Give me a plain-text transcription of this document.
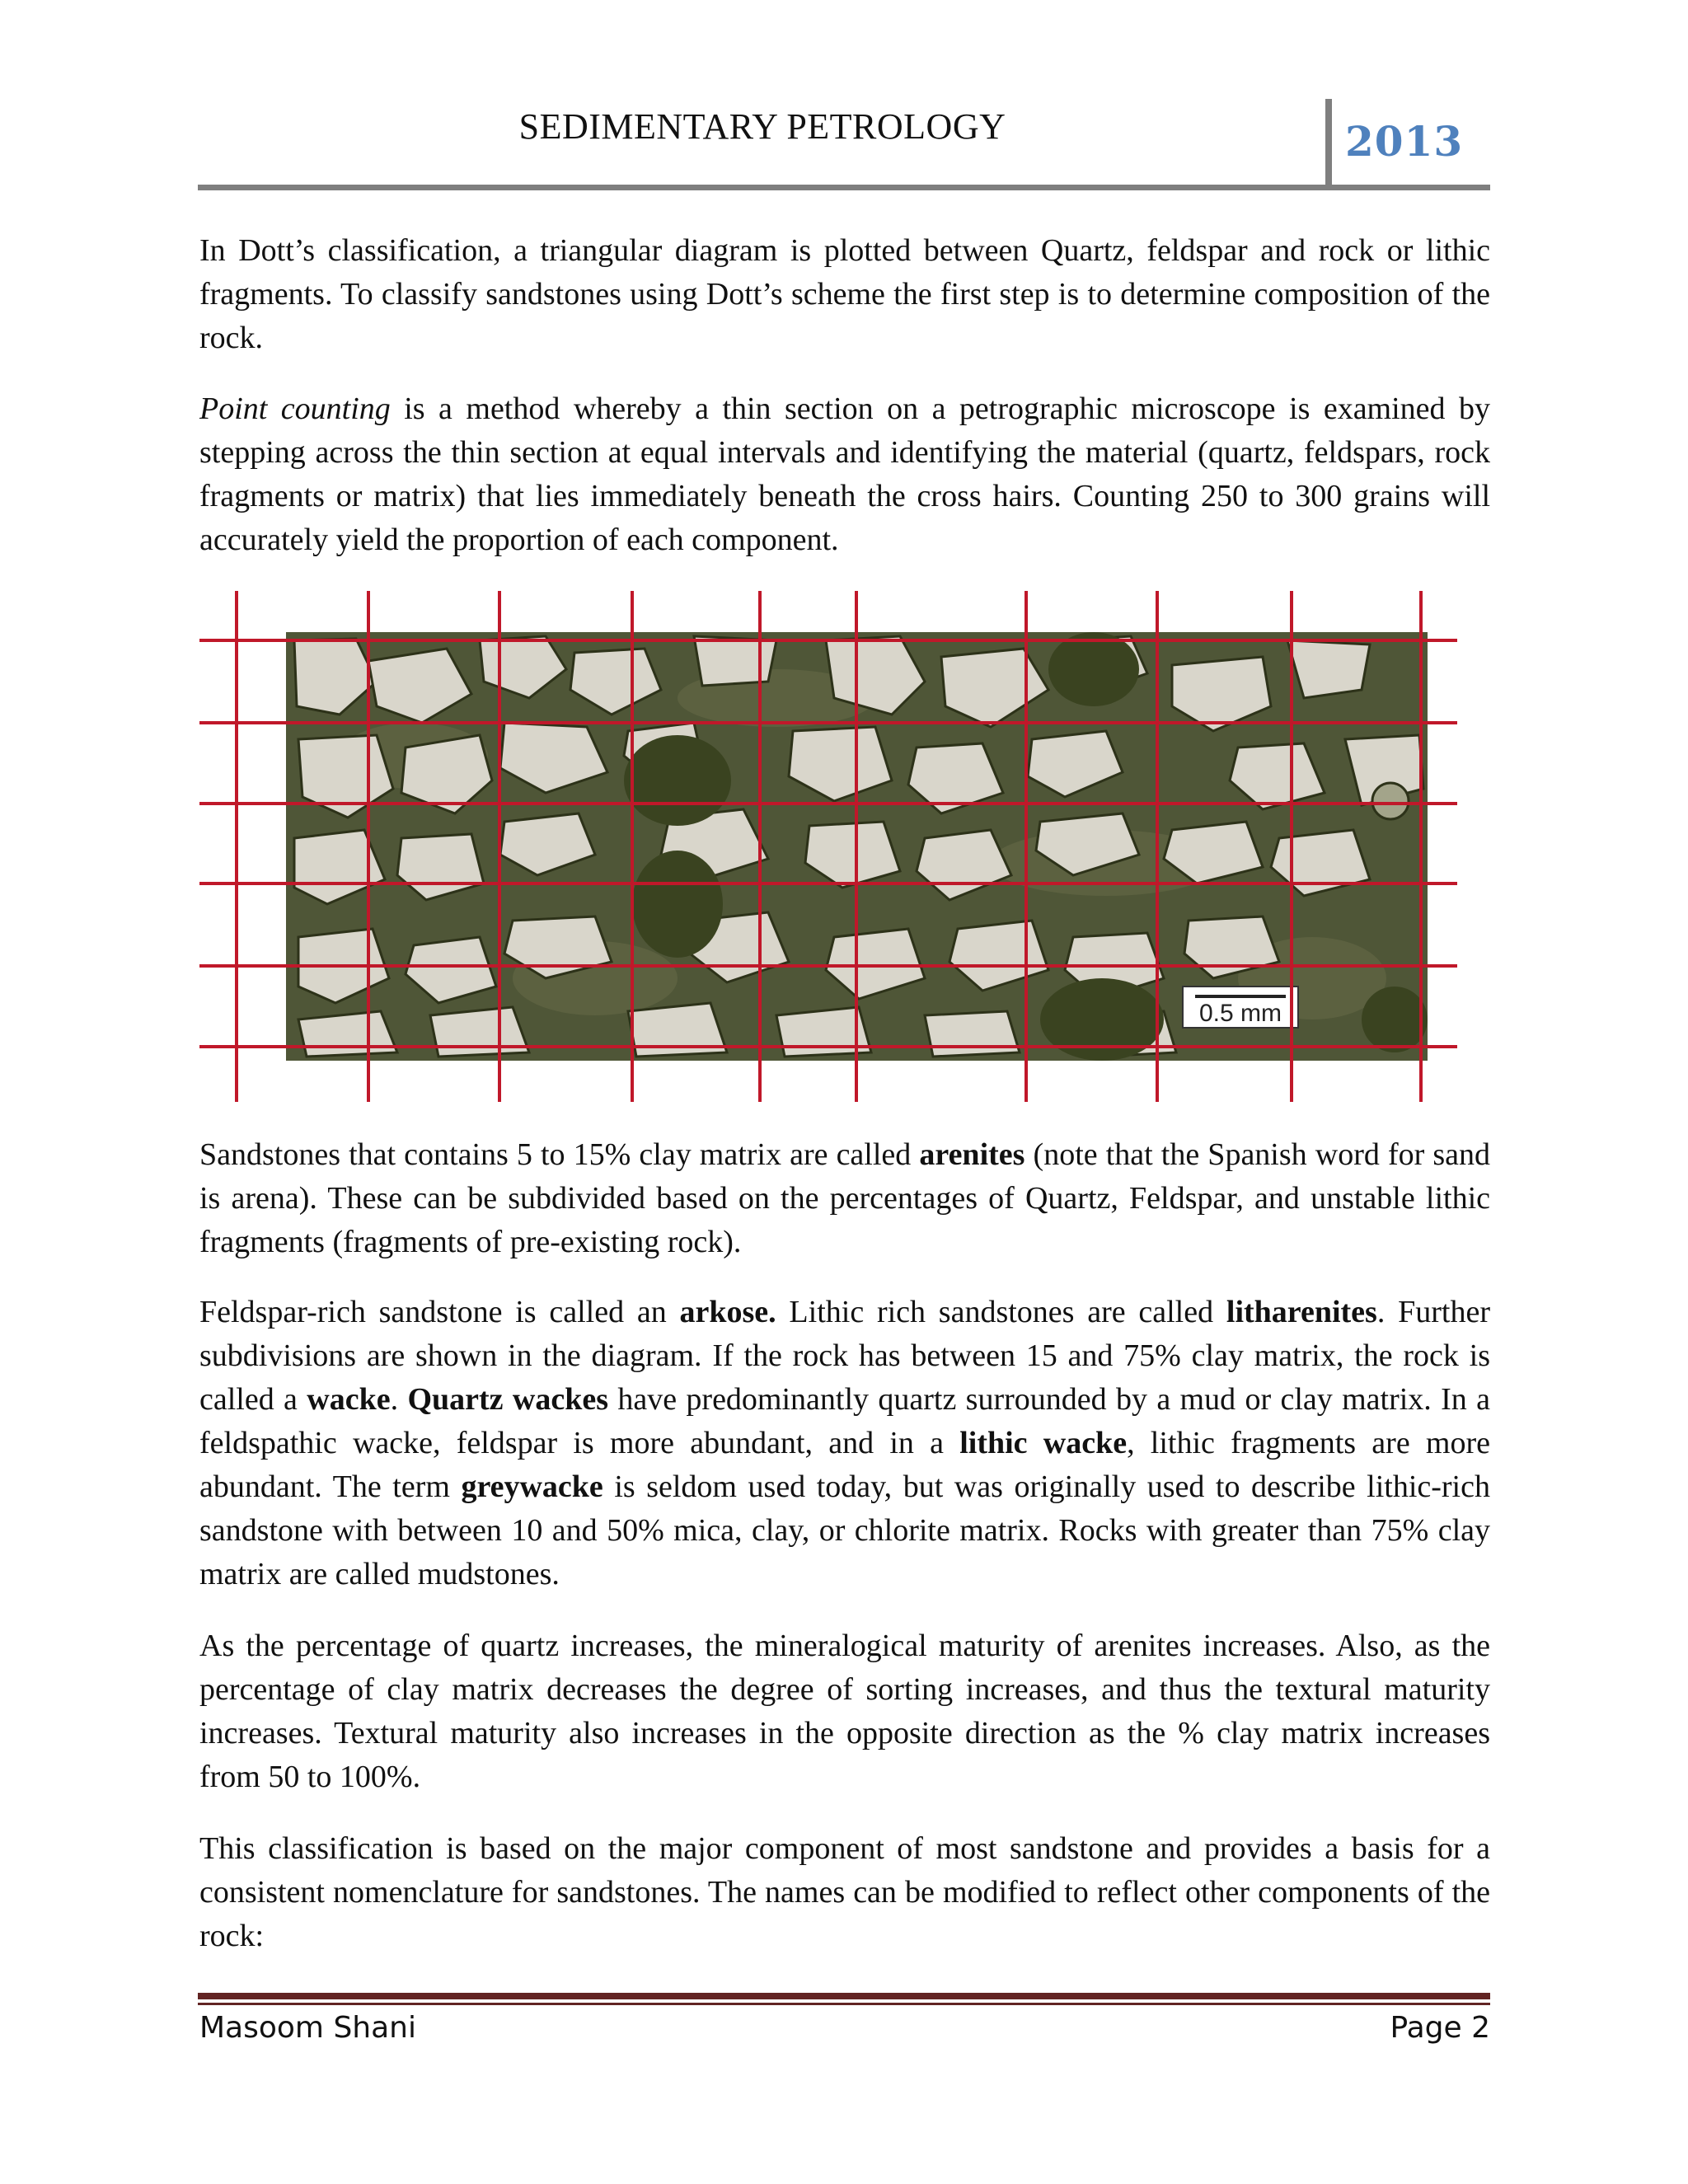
SEDIMENTARY PETROLOGY	2013
In Dott’s classification, a triangular diagram is plotted between Quartz, feldspar and rock or lithic fragments. To classify sandstones using Dott’s scheme the first step is to determine composition of the rock.
Point counting is a method whereby a thin section on a petrographic microscope is examined by stepping across the thin section at equal intervals and identifying the material (quartz, feldspars, rock fragments or matrix) that lies immediately beneath the cross hairs. Counting 250 to 300 grains will accurately yield the proportion of each component.
0.5 mm
Sandstones that contains 5 to 15% clay matrix are called arenites (note that the Spanish word for sand is arena). These can be subdivided based on the percentages of Quartz, Feldspar, and unstable lithic fragments (fragments of pre-existing rock).
Feldspar-rich sandstone is called an arkose. Lithic rich sandstones are called litharenites. Further subdivisions are shown in the diagram. If the rock has between 15 and 75% clay matrix, the rock is called a wacke. Quartz wackes have predominantly quartz surrounded by a mud or clay matrix. In a feldspathic wacke, feldspar is more abundant, and in a lithic wacke, lithic fragments are more abundant. The term greywacke is seldom used today, but was originally used to describe lithic-rich sandstone with between 10 and 50% mica, clay, or chlorite matrix. Rocks with greater than 75% clay matrix are called mudstones.
As the percentage of quartz increases, the mineralogical maturity of arenites increases. Also, as the percentage of clay matrix decreases the degree of sorting increases, and thus the textural maturity increases. Textural maturity also increases in the opposite direction as the % clay matrix increases from 50 to 100%.
This classification is based on the major component of most sandstone and provides a basis for a consistent nomenclature for sandstones. The names can be modified to reflect other components of the rock:
Masoom Shani	Page 2
